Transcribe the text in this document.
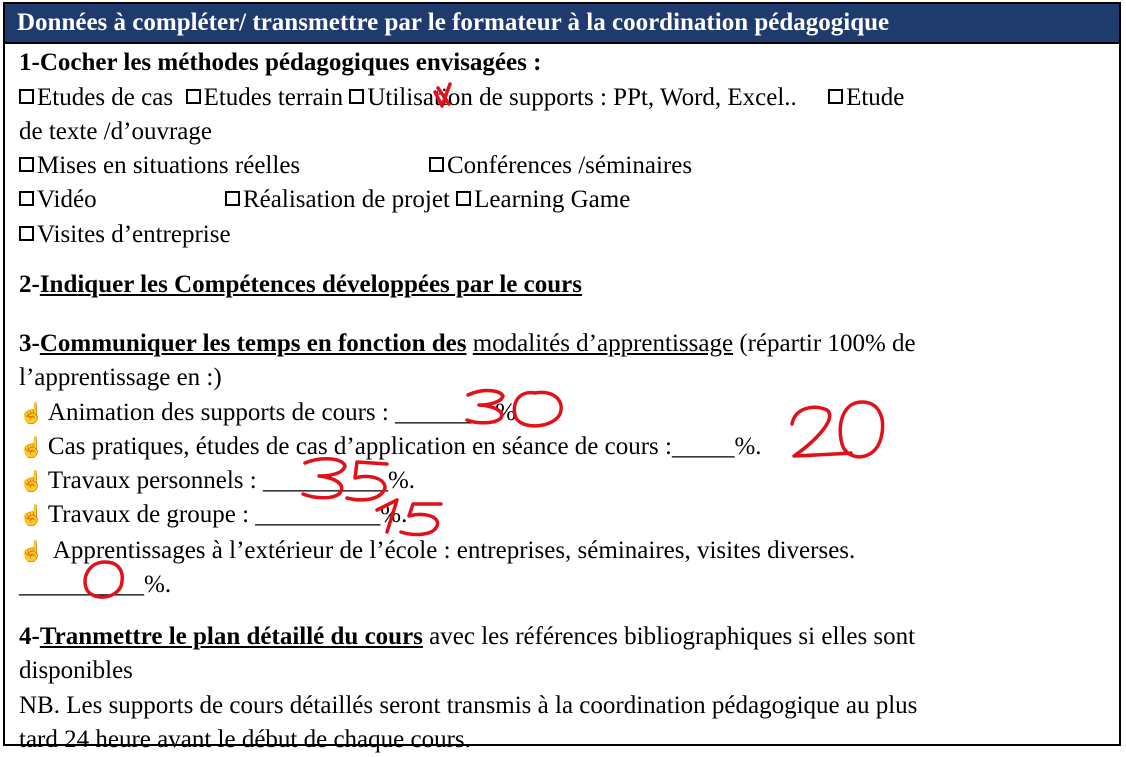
Données à compléter/ transmettre par le formateur à la coordination pédagogique
1-Cocher les méthodes pédagogiques envisagées :
Etudes de cas Etudes terrain Utilisation de supports : PPt, Word, Excel.. Etude
de texte /d’ouvrage
Mises en situations réelles	Conférences /séminaires
Vidéo	Réalisation de projet Learning Game
Visites d’entreprise
2-Indiquer les Compétences développées par le cours
3-Communiquer les temps en fonction des modalités d’apprentissage (répartir 100% de
l’apprentissage en :)
☝ Animation des supports de cours : ________%
☝ Cas pratiques, études de cas d’application en séance de cours :_____%.
☝ Travaux personnels : __________%.
☝ Travaux de groupe : __________%.
☝ Apprentissages à l’extérieur de l’école : entreprises, séminaires, visites diverses.
__________%.
4-Tranmettre le plan détaillé du cours avec les références bibliographiques si elles sont
disponibles
NB. Les supports de cours détaillés seront transmis à la coordination pédagogique au plus
tard 24 heure avant le début de chaque cours.
